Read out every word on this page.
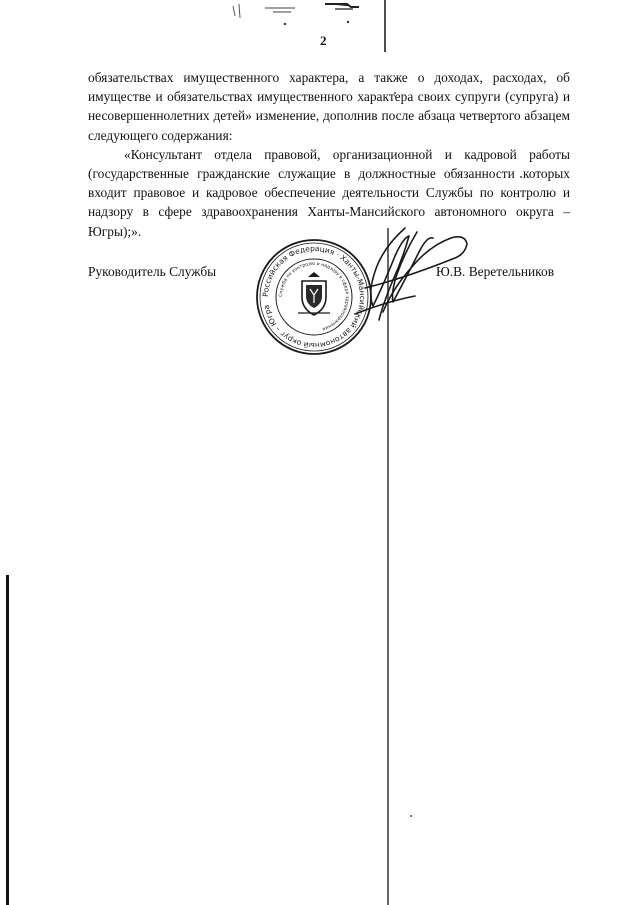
2

обязательствах имущественного характера, а также о доходах, расходах, об имуществе и обязательствах имущественного характера своих супруги (супруга) и несовершеннолетних детей» изменение, дополнив после абзаца четвертого абзацем следующего содержания:

«Консультант отдела правовой, организационной и кадровой работы (государственные гражданские служащие в должностные обязанности которых входит правовое и кадровое обеспечение деятельности Службы по контролю и надзору в сфере здравоохранения Ханты-Мансийского автономного округа – Югры);».

Руководитель Службы	Ю.В. Веретельников
Российская Федерация · Ханты-Мансийский автономный округ – Югра
Служба по контролю и надзору в сфере здравоохранения
